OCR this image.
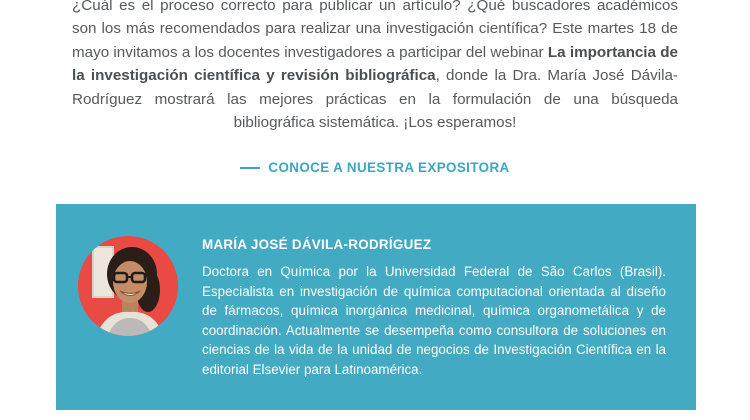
¿Cuál es el proceso correcto para publicar un artículo? ¿Qué buscadores académicos son los más recomendados para realizar una investigación científica? Este martes 18 de mayo invitamos a los docentes investigadores a participar del webinar La importancia de la investigación científica y revisión bibliográfica, donde la Dra. María José Dávila-Rodríguez mostrará las mejores prácticas en la formulación de una búsqueda bibliográfica sistemática. ¡Los esperamos!

CONOCE A NUESTRA EXPOSITORA
MARÍA JOSÉ DÁVILA-RODRÍGUEZ

Doctora en Química por la Universidad Federal de São Carlos (Brasil). Especialista en investigación de química computacional orientada al diseño de fármacos, química inorgánica medicinal, química organometálica y de coordinación. Actualmente se desempeña como consultora de soluciones en ciencias de la vida de la unidad de negocios de Investigación Científica en la editorial Elsevier para Latinoamérica.
